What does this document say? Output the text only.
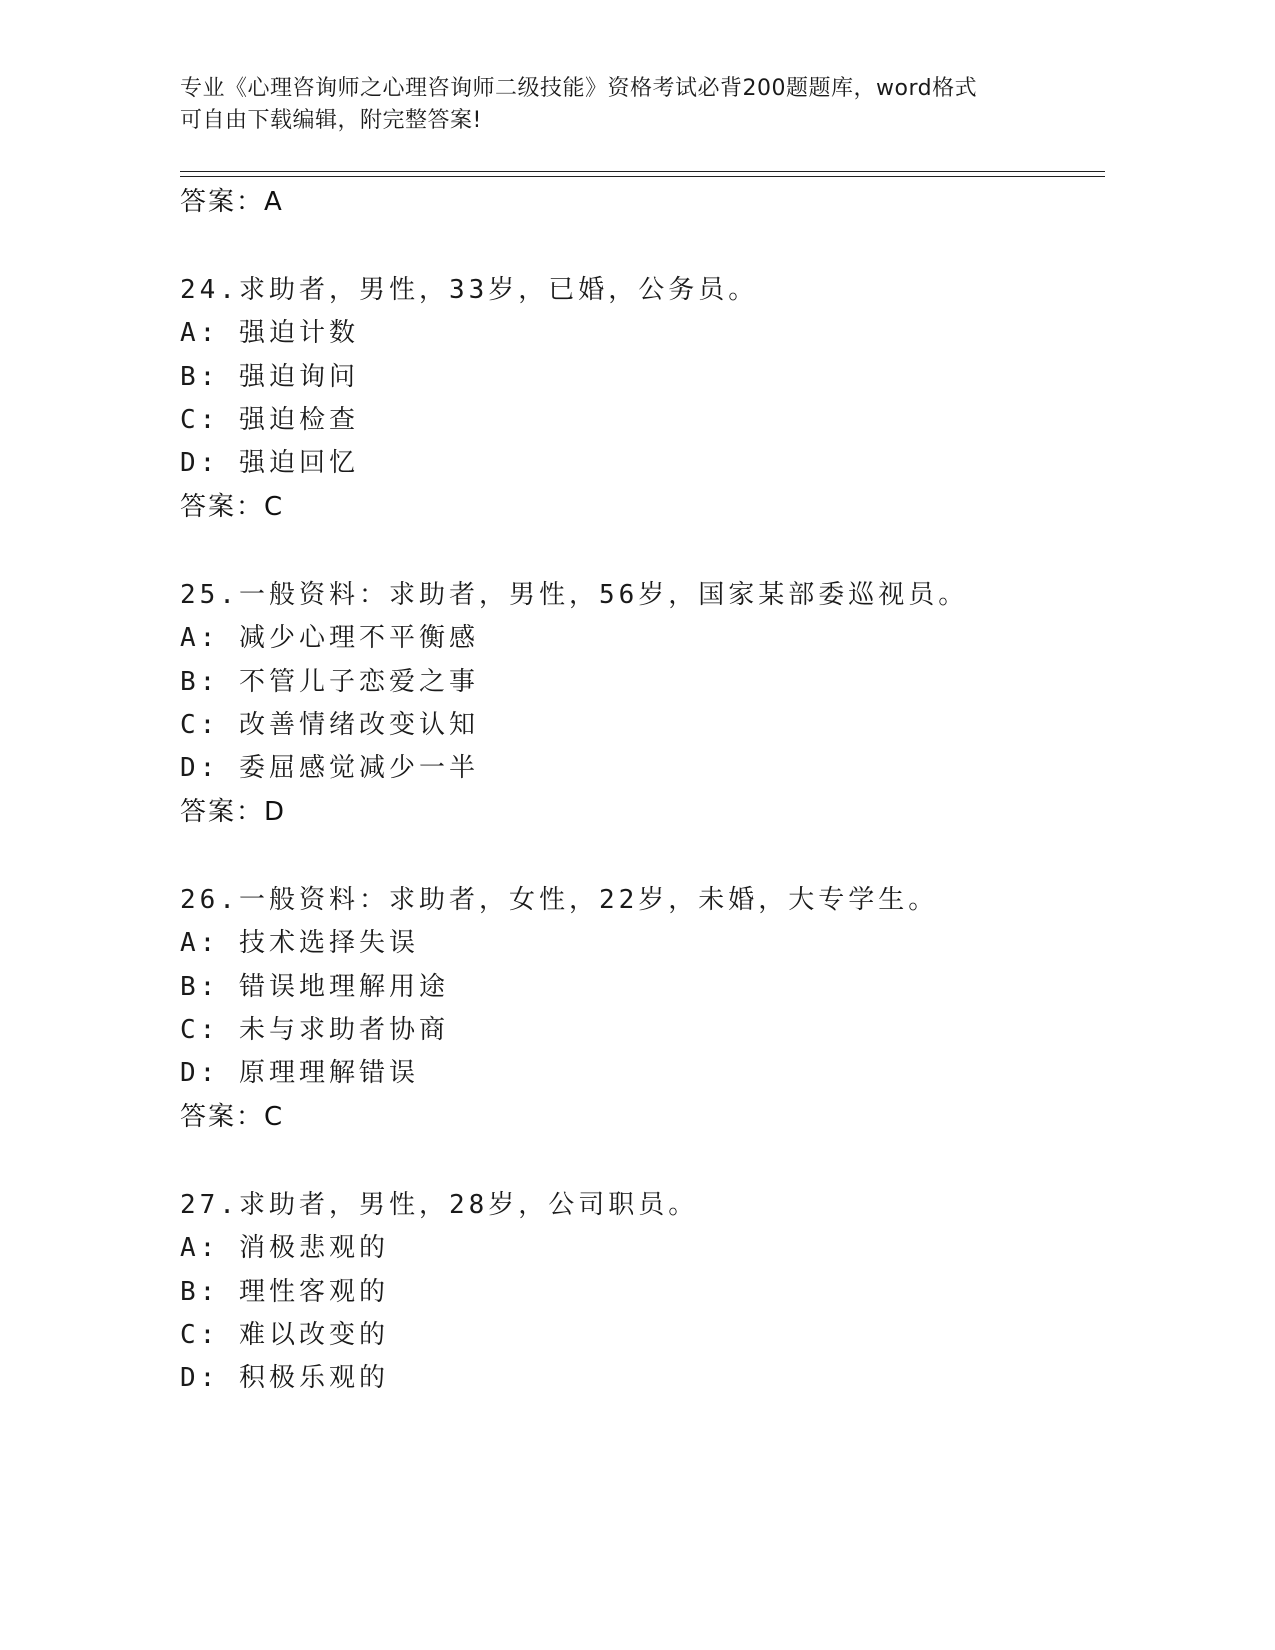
专业《心理咨询师之心理咨询师二级技能》资格考试必背200题题库，word格式
可自由下载编辑，附完整答案!
答案：A
24.求助者，男性，33岁，已婚，公务员。
A: 强迫计数
B: 强迫询问
C: 强迫检查
D: 强迫回忆
答案：C
25.一般资料：求助者，男性，56岁，国家某部委巡视员。
A: 减少心理不平衡感
B: 不管儿子恋爱之事
C: 改善情绪改变认知
D: 委屈感觉减少一半
答案：D
26.一般资料：求助者，女性，22岁，未婚，大专学生。
A: 技术选择失误
B: 错误地理解用途
C: 未与求助者协商
D: 原理理解错误
答案：C
27.求助者，男性，28岁，公司职员。
A: 消极悲观的
B: 理性客观的
C: 难以改变的
D: 积极乐观的
